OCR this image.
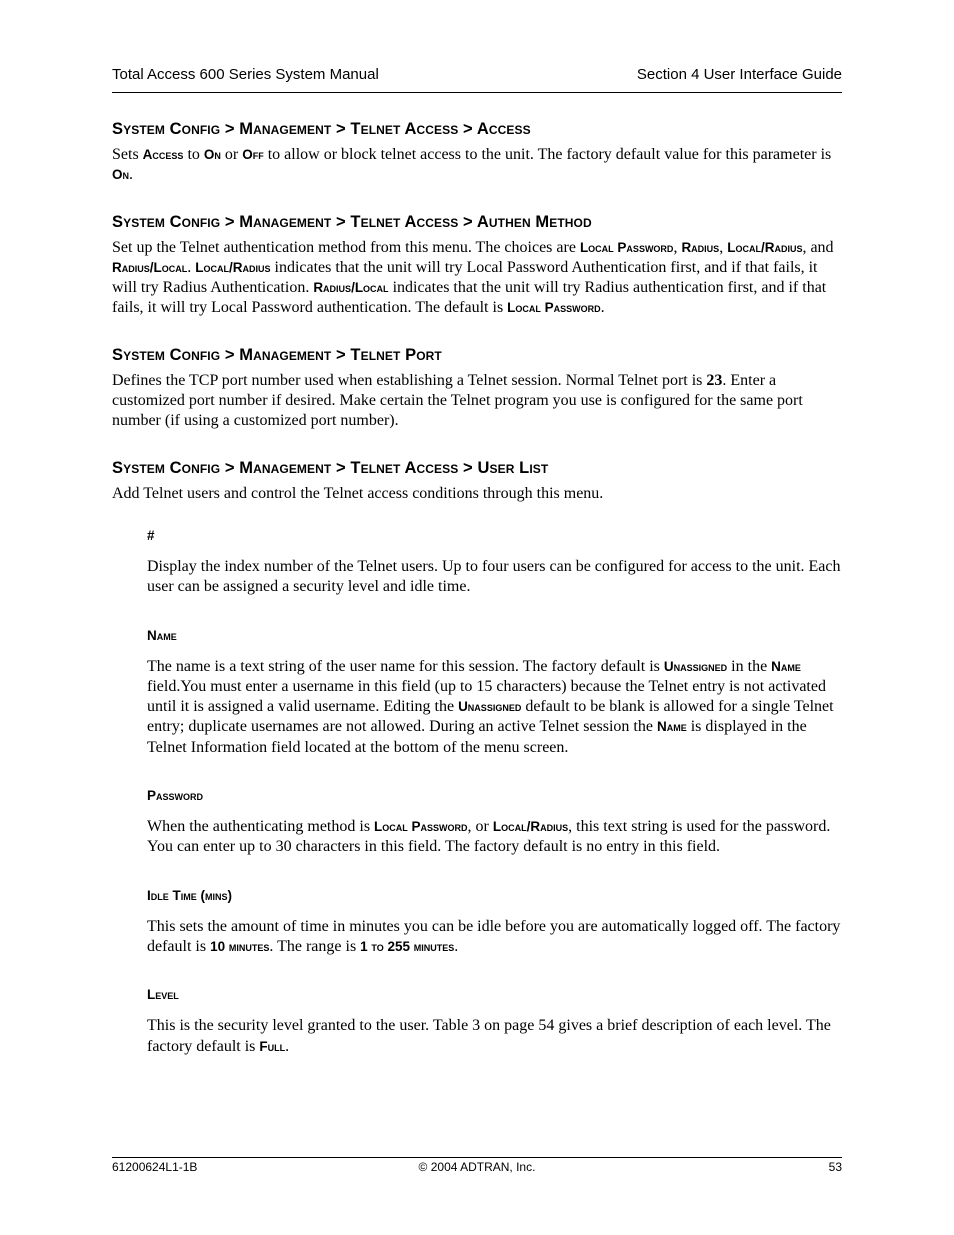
Total Access 600 Series System Manual	Section 4 User Interface Guide
System Config > Management > Telnet Access > Access

Sets Access to On or Off to allow or block telnet access to the unit. The factory default value for this parameter is On.

System Config > Management > Telnet Access > Authen Method

Set up the Telnet authentication method from this menu. The choices are Local Password, Radius, Local/Radius, and Radius/Local. Local/Radius indicates that the unit will try Local Password Authentication first, and if that fails, it will try Radius Authentication. Radius/Local indicates that the unit will try Radius authentication first, and if that fails, it will try Local Password authentication. The default is Local Password.

System Config > Management > Telnet Port

Defines the TCP port number used when establishing a Telnet session. Normal Telnet port is 23. Enter a customized port number if desired. Make certain the Telnet program you use is configured for the same port number (if using a customized port number).

System Config > Management > Telnet Access > User List

Add Telnet users and control the Telnet access conditions through this menu.

#

Display the index number of the Telnet users. Up to four users can be configured for access to the unit. Each user can be assigned a security level and idle time.

Name

The name is a text string of the user name for this session. The factory default is Unassigned in the Name field.You must enter a username in this field (up to 15 characters) because the Telnet entry is not activated until it is assigned a valid username. Editing the Unassigned default to be blank is allowed for a single Telnet entry; duplicate usernames are not allowed. During an active Telnet session the Name is displayed in the Telnet Information field located at the bottom of the menu screen.

Password

When the authenticating method is Local Password, or Local/Radius, this text string is used for the password. You can enter up to 30 characters in this field. The factory default is no entry in this field.

Idle Time (mins)

This sets the amount of time in minutes you can be idle before you are automatically logged off. The factory default is 10 minutes. The range is 1 to 255 minutes.

Level

This is the security level granted to the user. Table 3 on page 54 gives a brief description of each level. The factory default is Full.

61200624L1-1B	© 2004 ADTRAN, Inc.	53
